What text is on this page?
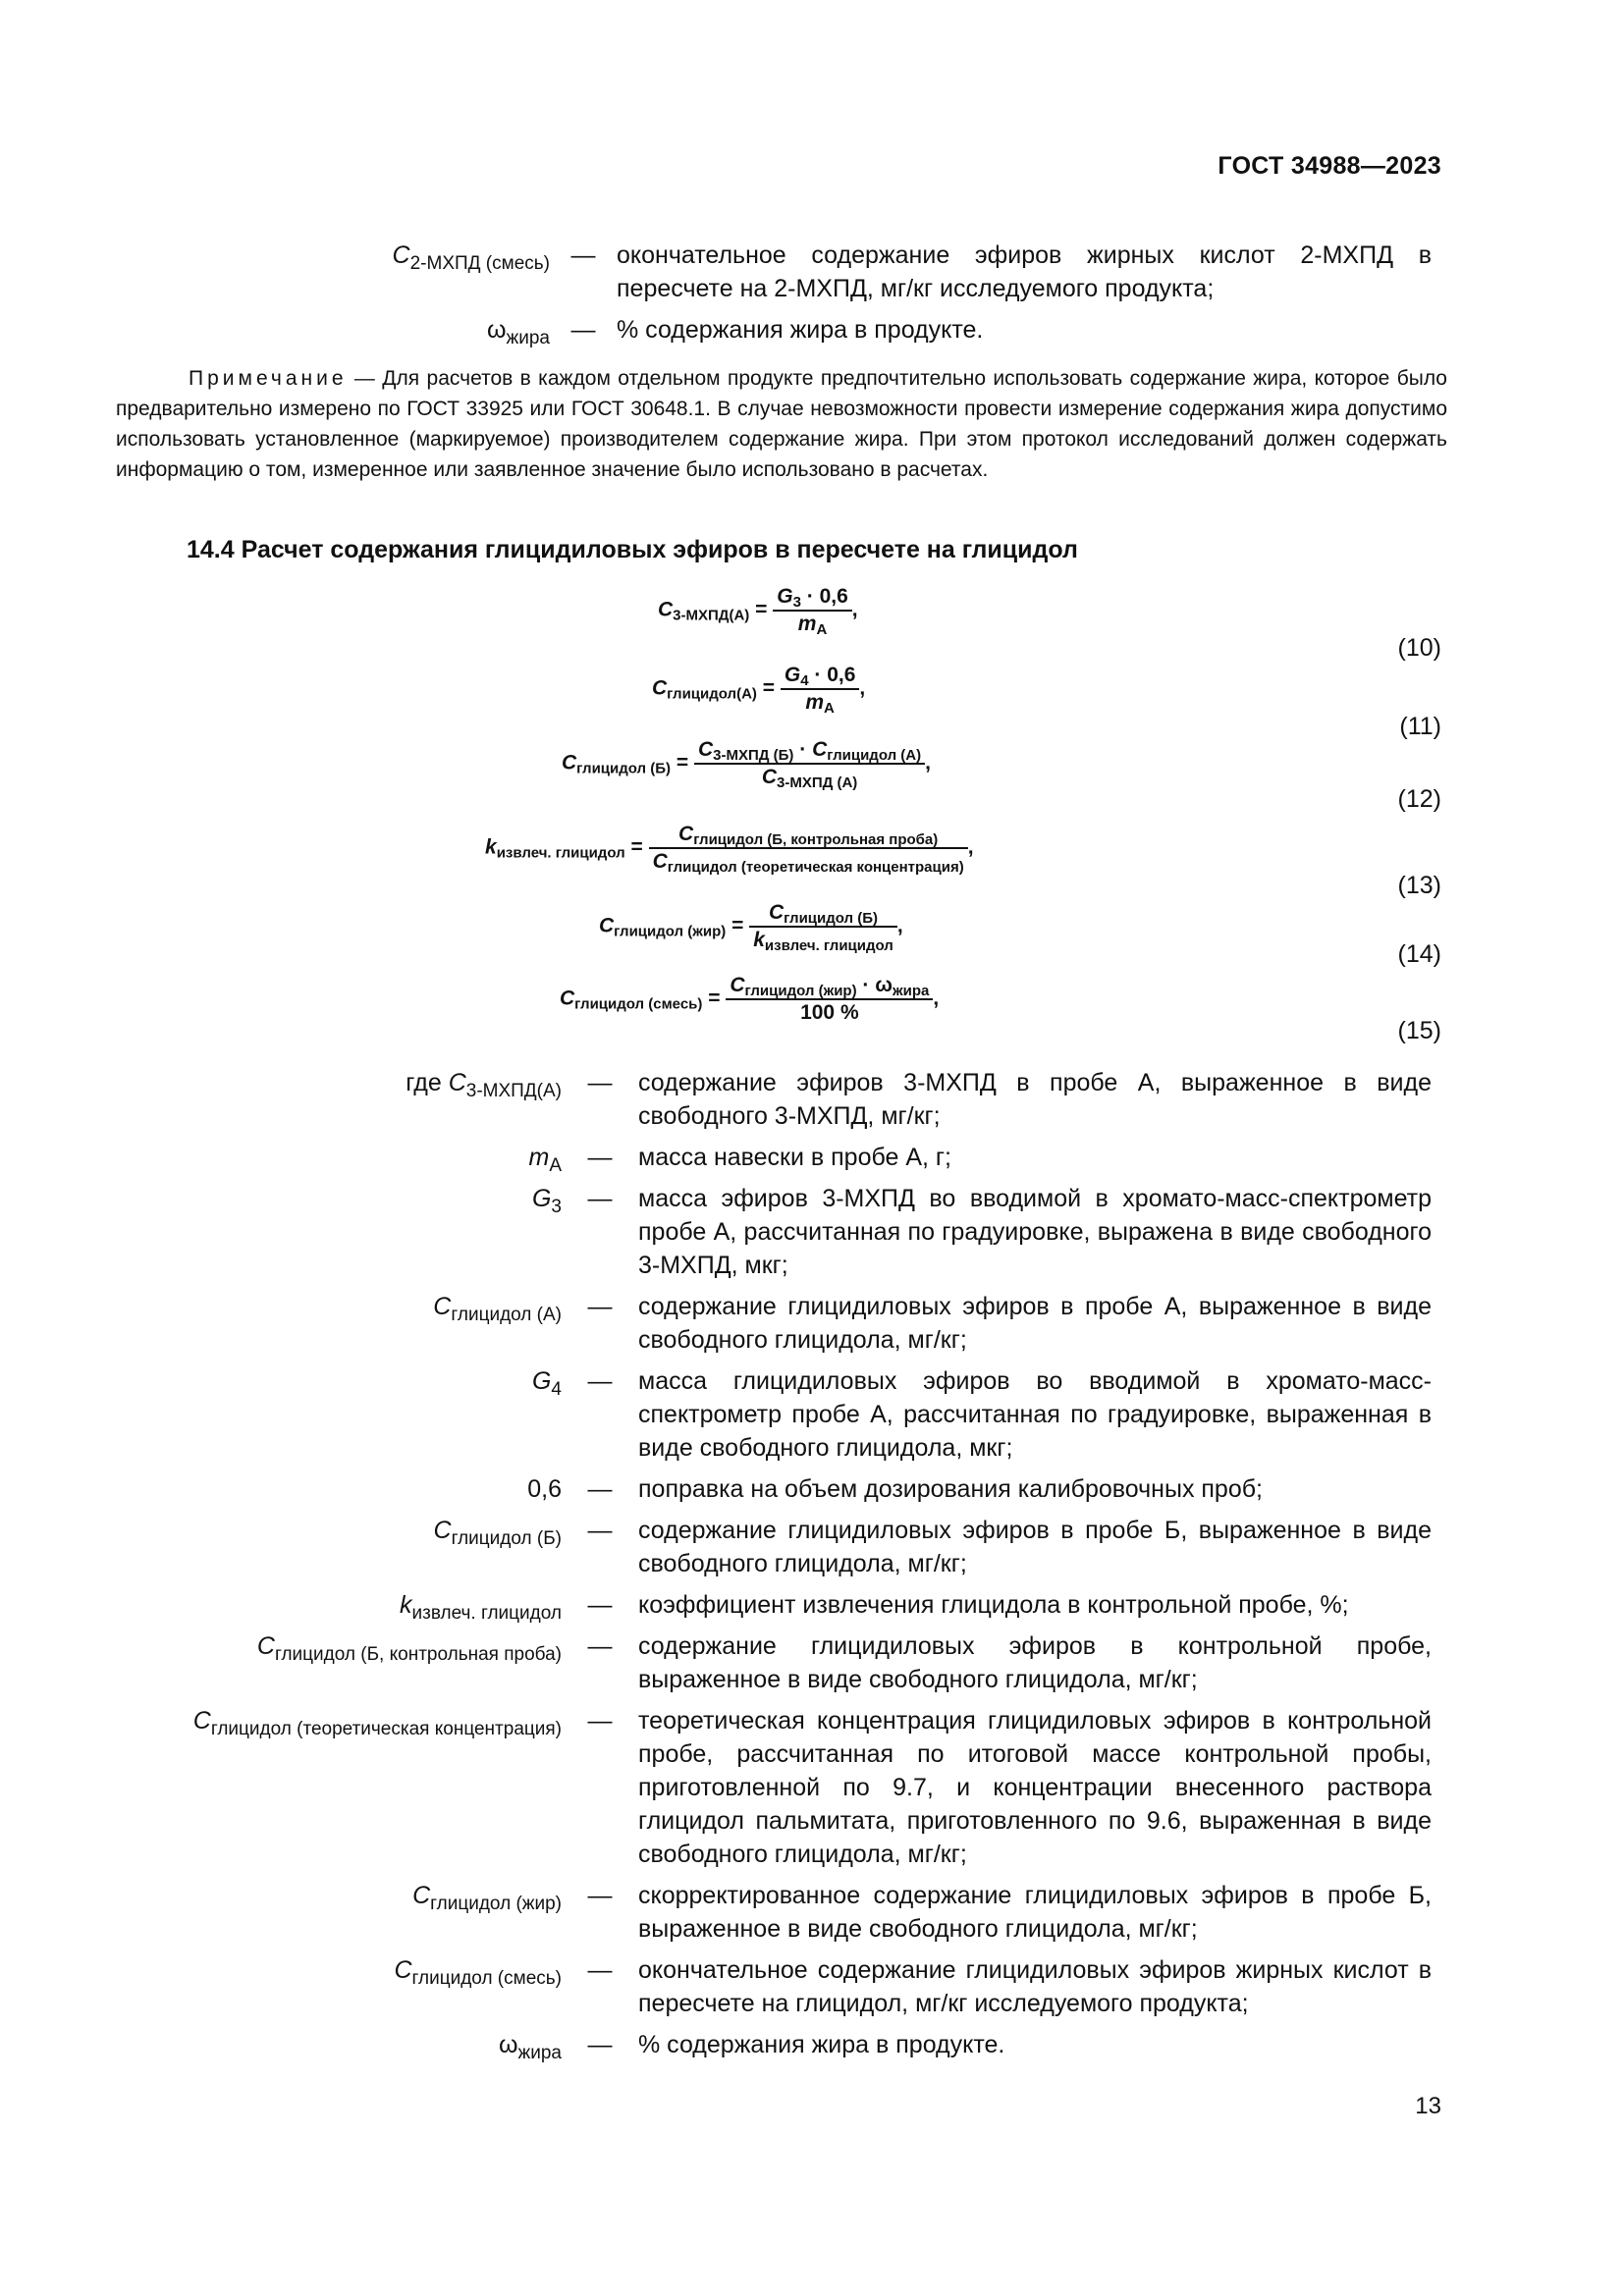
ГОСТ 34988—2023
$C_{2-МХПД (смесь)}$ — окончательное содержание эфиров жирных кислот 2-МХПД в пересчете на 2-МХПД, мг/кг исследуемого продукта;
$\omega_{жира}$ — % содержания жира в продукте.
Примечание — Для расчетов в каждом отдельном продукте предпочтительно использовать содержание жира, которое было предварительно измерено по ГОСТ 33925 или ГОСТ 30648.1. В случае невозможности провести измерение содержания жира допустимо использовать установленное (маркируемое) производителем содержание жира. При этом протокол исследований должен содержать информацию о том, измеренное или заявленное значение было использовано в расчетах.
14.4 Расчет содержания глицидиловых эфиров в пересчете на глицидол
$C_{3-МХПД(А)} = \frac{G_3 \cdot 0,6}{m_А}$ ,
(10)
$C_{глицидол(А)} = \frac{G_4 \cdot 0,6}{m_А}$ ,
(11)
$C_{глицидол (Б)} = \frac{C_{3-МХПД (Б)} \cdot C_{глицидол (А)}}{C_{3-МХПД (А)}}$ ,
(12)
$k_{извлеч. глицидол} = \frac{C_{глицидол (Б, контрольная проба)}}{C_{глицидол (теоретическая концентрация)}}$ ,
(13)
$C_{глицидол (жир)} = \frac{C_{глицидол (Б)}}{k_{извлеч. глицидол}}$ ,
(14)
$C_{глицидол (смесь)} = \frac{C_{глицидол (жир)} \cdot \omega_{жира}}{100 \%}$ ,
(15)
где $C_{3-МХПД(А)}$	—	содержание эфиров 3-МХПД в пробе А, выраженное в виде свободного 3-МХПД, мг/кг;
$m_А$	—	масса навески в пробе А, г;
$G_3$	—	масса эфиров 3-МХПД во вводимой в хромато-масс-спектрометр пробе А, рассчитанная по градуировке, выраженa в виде свободного 3-МХПД, мкг;
$C_{глицидол (А)}$	—	содержание глицидиловых эфиров в пробе А, выраженное в виде свободного глицидола, мг/кг;
$G_4$	—	масса глицидиловых эфиров во вводимой в хромато-масс-спектрометр пробе А, рассчитанная по градуировке, выраженная в виде свободного глицидола, мкг;
0,6	—	поправка на объем дозирования калибровочных проб;
$C_{глицидол (Б)}$	—	содержание глицидиловых эфиров в пробе Б, выраженное в виде свободного глицидола, мг/кг;
$k_{извлеч. глицидол}$	—	коэффициент извлечения глицидола в контрольной пробе, %;
$C_{глицидол (Б, контрольная проба)}$	—	содержание глицидиловых эфиров в контрольной пробе, выраженное в виде свободного глицидола, мг/кг;
$C_{глицидол (теоретическая концентрация)}$	—	теоретическая концентрация глицидиловых эфиров в контрольной пробе, рассчитанная по итоговой массе контрольной пробы, приготовленной по 9.7, и концентрации внесенного раствора глицидол пальмитата, приготовленного по 9.6, выраженная в виде свободного глицидола, мг/кг;
$C_{глицидол (жир)}$	—	скорректированное содержание глицидиловых эфиров в пробе Б, выраженное в виде свободного глицидола, мг/кг;
$C_{глицидол (смесь)}$	—	окончательное содержание глицидиловых эфиров жирных кислот в пересчете на глицидол, мг/кг исследуемого продукта;
$\omega_{жира}$	—	% содержания жира в продукте.
13
